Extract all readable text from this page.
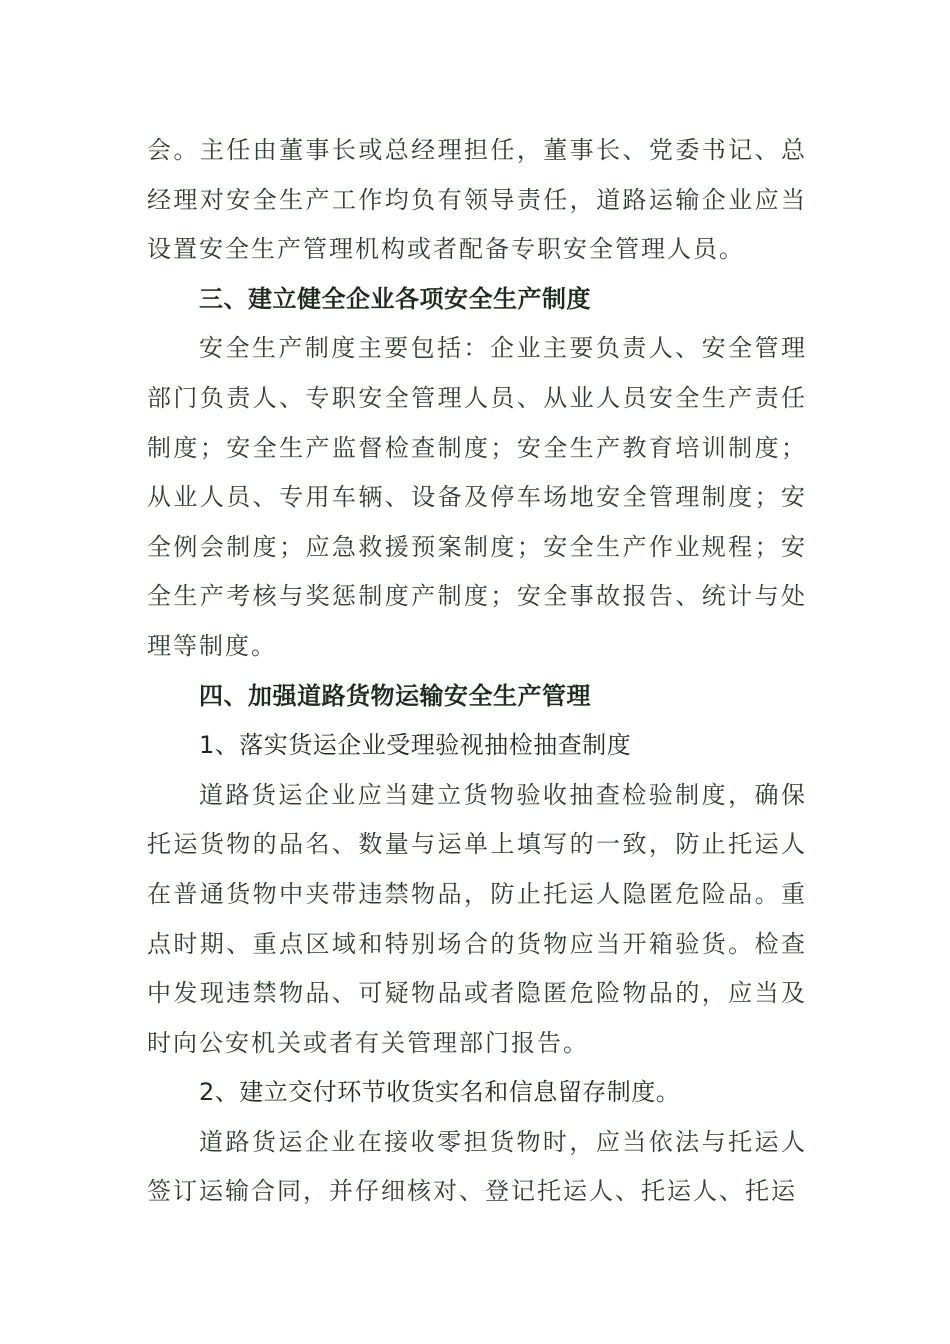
会。主任由董事长或总经理担任，董事长、党委书记、总经理对安全生产工作均负有领导责任，道路运输企业应当设置安全生产管理机构或者配备专职安全管理人员。

三、建立健全企业各项安全生产制度

安全生产制度主要包括：企业主要负责人、安全管理部门负责人、专职安全管理人员、从业人员安全生产责任制度；安全生产监督检查制度；安全生产教育培训制度；从业人员、专用车辆、设备及停车场地安全管理制度；安全例会制度；应急救援预案制度；安全生产作业规程；安全生产考核与奖惩制度产制度；安全事故报告、统计与处理等制度。

四、加强道路货物运输安全生产管理

1、落实货运企业受理验视抽检抽查制度

道路货运企业应当建立货物验收抽查检验制度，确保托运货物的品名、数量与运单上填写的一致，防止托运人在普通货物中夹带违禁物品，防止托运人隐匿危险品。重点时期、重点区域和特别场合的货物应当开箱验货。检查中发现违禁物品、可疑物品或者隐匿危险物品的，应当及时向公安机关或者有关管理部门报告。

2、建立交付环节收货实名和信息留存制度。

道路货运企业在接收零担货物时，应当依法与托运人签订运输合同，并仔细核对、登记托运人、托运人、托运
